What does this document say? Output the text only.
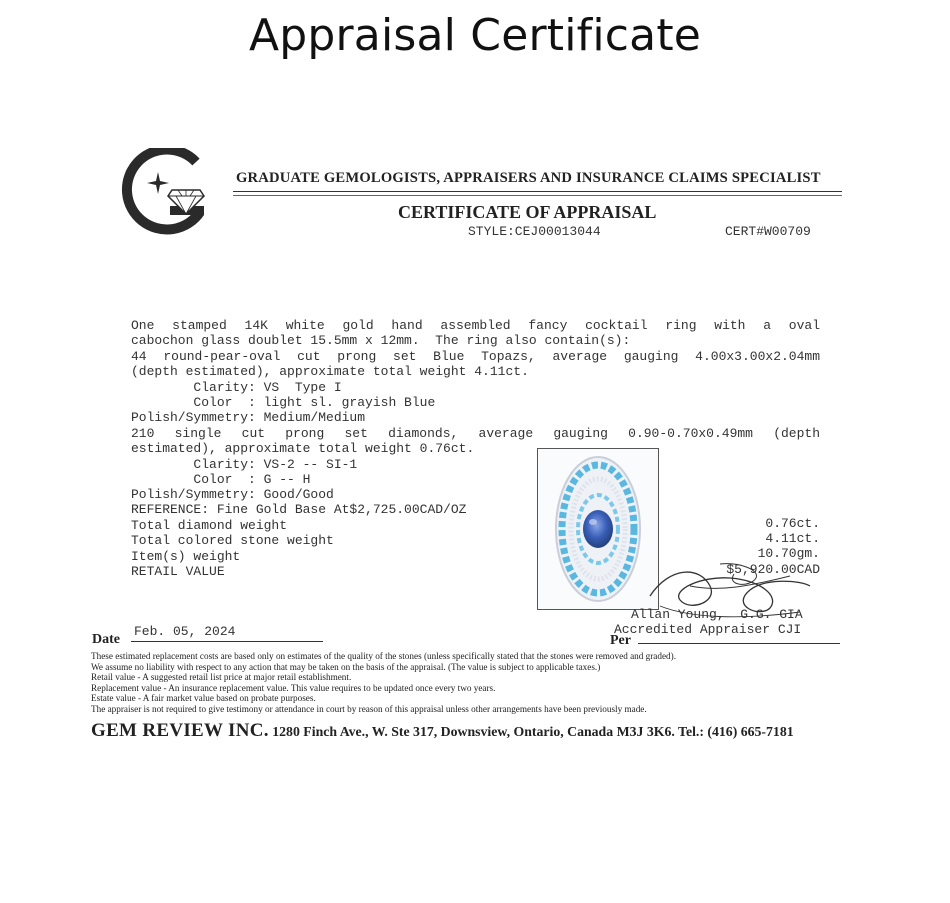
Appraisal Certificate
GRADUATE GEMOLOGISTS, APPRAISERS AND INSURANCE CLAIMS SPECIALIST
CERTIFICATE OF APPRAISAL
STYLE:CEJ00013044	CERT#W00709
One stamped 14K white gold hand assembled fancy cocktail ring with a oval
cabochon glass doublet 15.5mm x 12mm.  The ring also contain(s):
44 round-pear-oval cut prong set Blue Topazs, average gauging 4.00x3.00x2.04mm
(depth estimated), approximate total weight 4.11ct.
Clarity: VS  Type I
Color  : light sl. grayish Blue
Polish/Symmetry: Medium/Medium
210 single cut prong set diamonds, average gauging 0.90-0.70x0.49mm (depth
estimated), approximate total weight 0.76ct.
Clarity: VS-2 -- SI-1
Color  : G -- H
Polish/Symmetry: Good/Good
REFERENCE: Fine Gold Base At$2,725.00CAD/OZ
Total diamond weight	0.76ct.
Total colored stone weight	4.11ct.
Item(s) weight	10.70gm.
RETAIL VALUE	$5,920.00CAD
Allan Young,  G.G. GIA
Accredited Appraiser CJI
Date
Feb. 05, 2024
Per
These estimated replacement costs are based only on estimates of the quality of the stones (unless specifically stated that the stones were removed and graded).
We assume no liability with respect to any action that may be taken on the basis of the appraisal. (The value is subject to applicable taxes.)
Retail value - A suggested retail list price at major retail establishment.
Replacement value - An insurance replacement value. This value requires to be updated once every two years.
Estate value - A fair market value based on probate purposes.
The appraiser is not required to give testimony or attendance in court by reason of this appraisal unless other arrangements have been previously made.
GEM REVIEW INC. 1280 Finch Ave., W. Ste 317, Downsview, Ontario, Canada M3J 3K6. Tel.: (416) 665-7181
